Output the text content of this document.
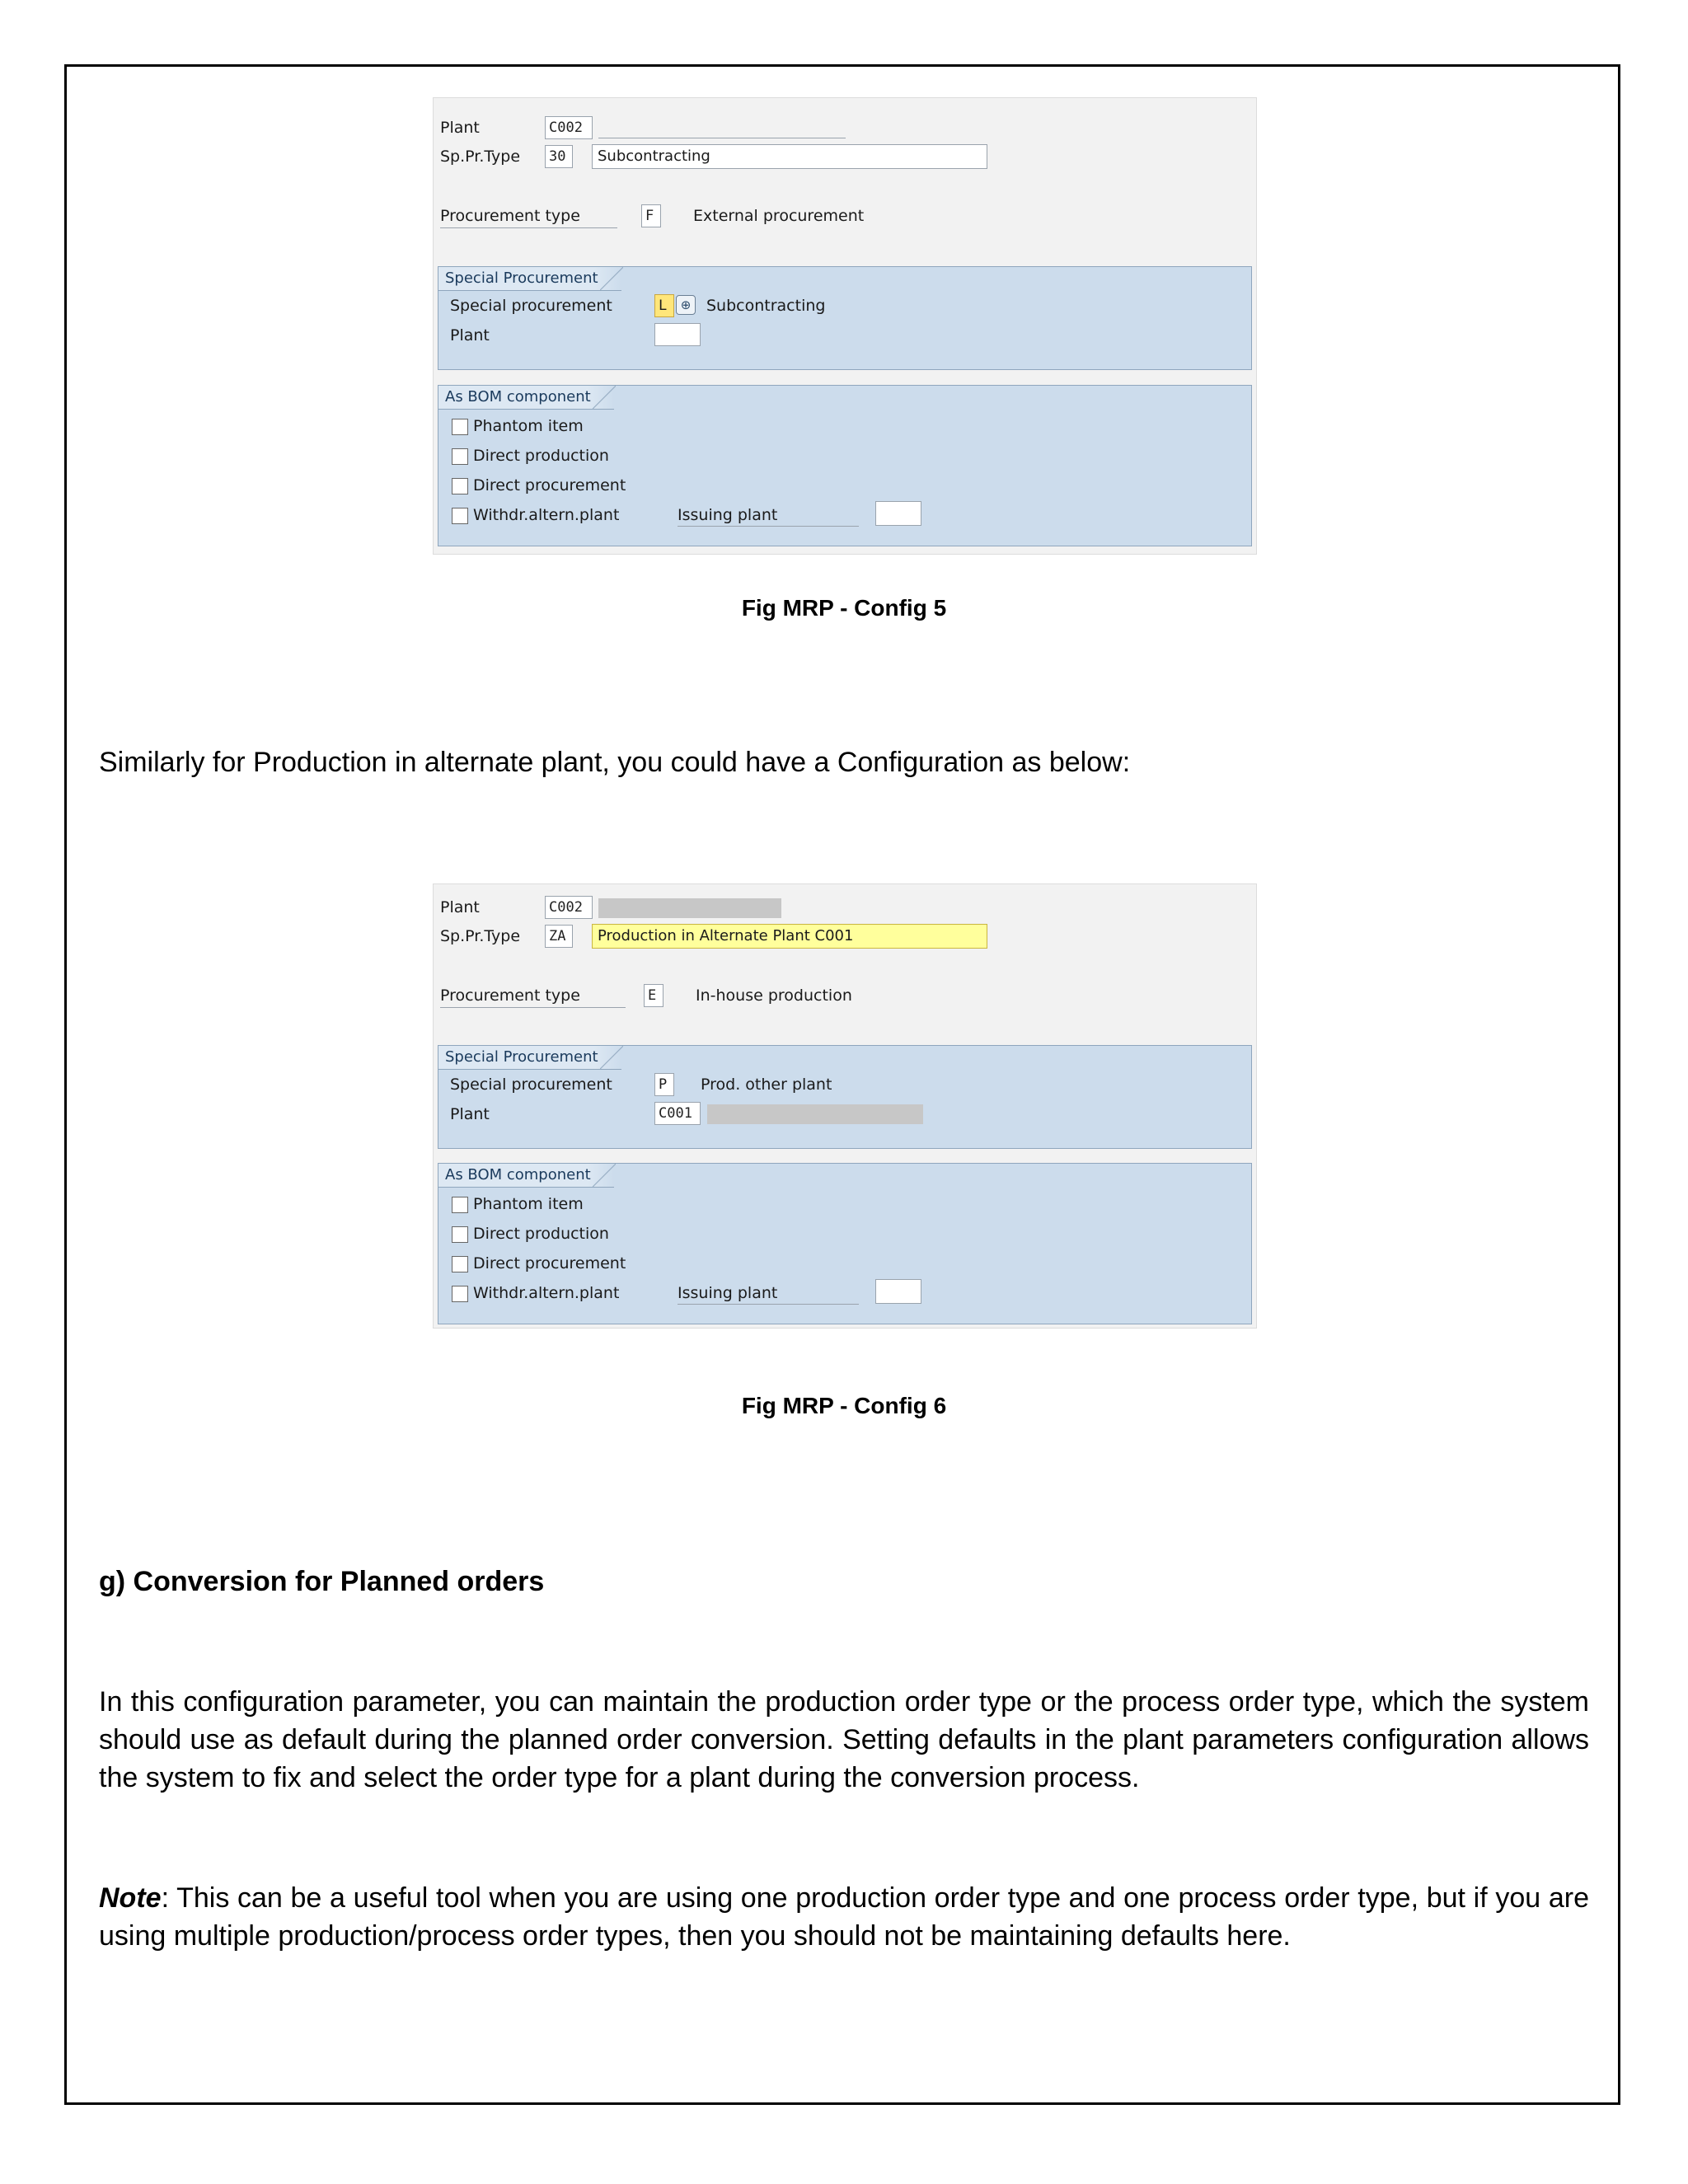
Plant	C002
Sp.Pr.Type 30	Subcontracting
Procurement type	F	External procurement
Special Procurement
Special procurement	L	⊕ Subcontracting
Plant
As BOM component
Phantom item
Direct production
Direct procurement
Withdr.altern.plant	Issuing plant
Fig MRP - Config 5
Similarly for Production in alternate plant, you could have a Configuration as below:
Plant	C002
Sp.Pr.Type ZA	Production in Alternate Plant C001
Procurement type	E	In-house production
Special Procurement
Special procurement	P	Prod. other plant
Plant	C001
As BOM component
Phantom item
Direct production
Direct procurement
Withdr.altern.plant	Issuing plant
Fig MRP - Config 6
g) Conversion for Planned orders
In this configuration parameter, you can maintain the production order type or the process order type, which the system should use as default during the planned order conversion. Setting defaults in the plant parameters configuration allows the system to fix and select the order type for a plant during the conversion process.
Note: This can be a useful tool when you are using one production order type and one process order type, but if you are using multiple production/process order types, then you should not be maintaining defaults here.
